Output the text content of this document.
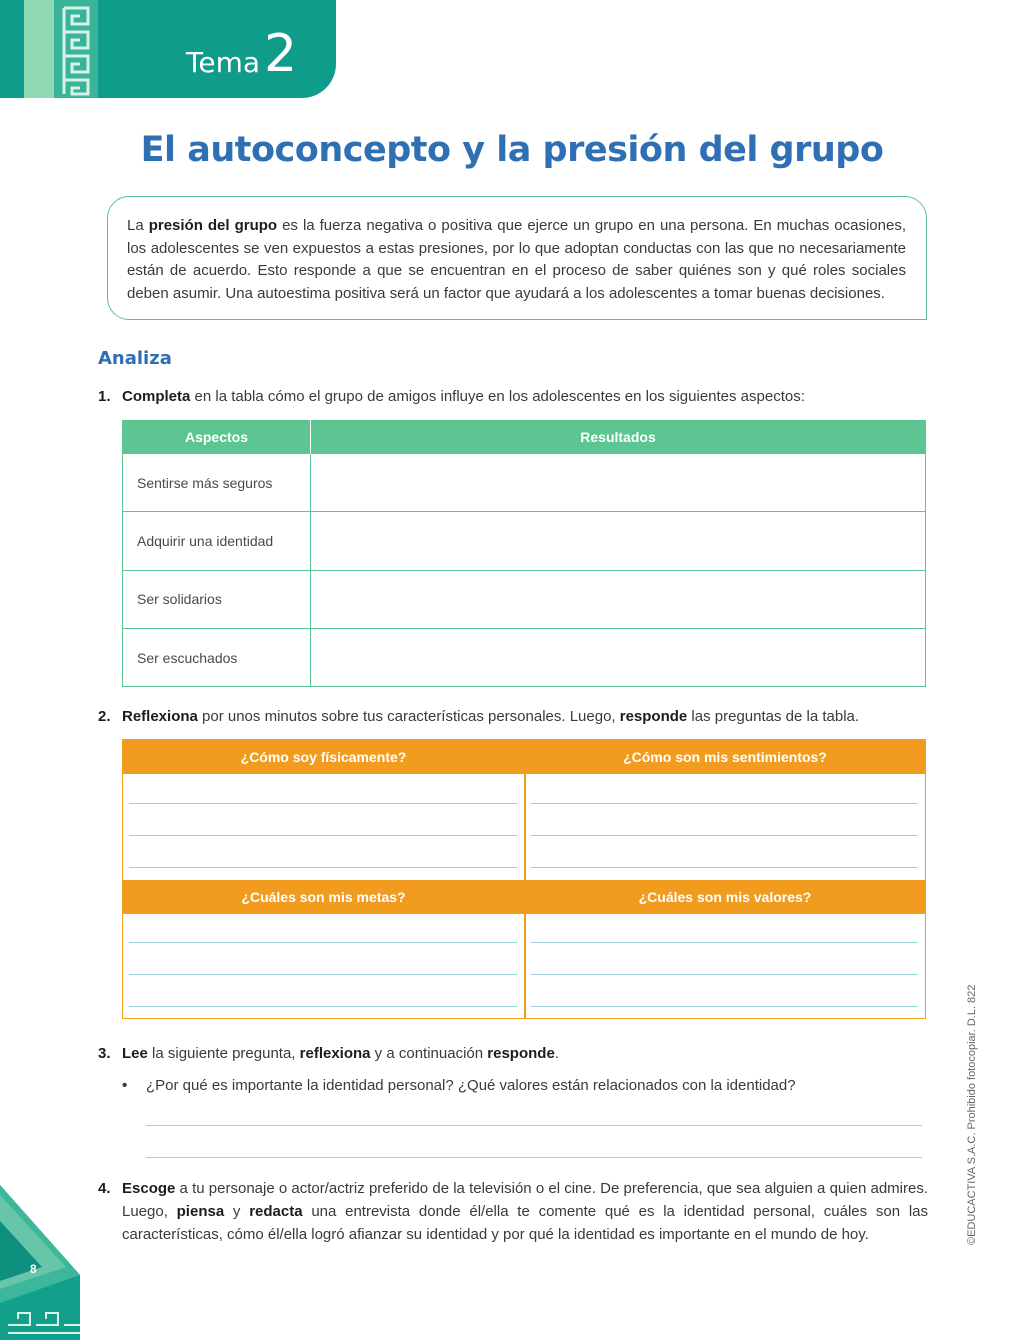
Tema 2
El autoconcepto y la presión del grupo
La presión del grupo es la fuerza negativa o positiva que ejerce un grupo en una persona. En muchas ocasiones, los adolescentes se ven expuestos a estas presiones, por lo que adoptan conductas con las que no necesariamente están de acuerdo. Esto responde a que se encuentran en el proceso de saber quiénes son y qué roles sociales deben asumir. Una autoestima positiva será un factor que ayudará a los adolescentes a tomar buenas decisiones.
Analiza
1. Completa en la tabla cómo el grupo de amigos influye en los adolescentes en los siguientes aspectos:
Aspectos	Resultados
Sentirse más seguros	
Adquirir una identidad	
Ser solidarios	
Ser escuchados	
2. Reflexiona por unos minutos sobre tus características personales. Luego, responde las preguntas de la tabla.
¿Cómo soy físicamente?	¿Cómo son mis sentimientos?
¿Cuáles son mis metas?	¿Cuáles son mis valores?
3. Lee la siguiente pregunta, reflexiona y a continuación responde.
• ¿Por qué es importante la identidad personal? ¿Qué valores están relacionados con la identidad?
4. Escoge a tu personaje o actor/actriz preferido de la televisión o el cine. De preferencia, que sea alguien a quien admires. Luego, piensa y redacta una entrevista donde él/ella te comente qué es la identidad personal, cuáles son las características, cómo él/ella logró afianzar su identidad y por qué la identidad es importante en el mundo de hoy.	©EDUCACTIVA S.A.C. Prohibido fotocopiar. D.L. 822
8
